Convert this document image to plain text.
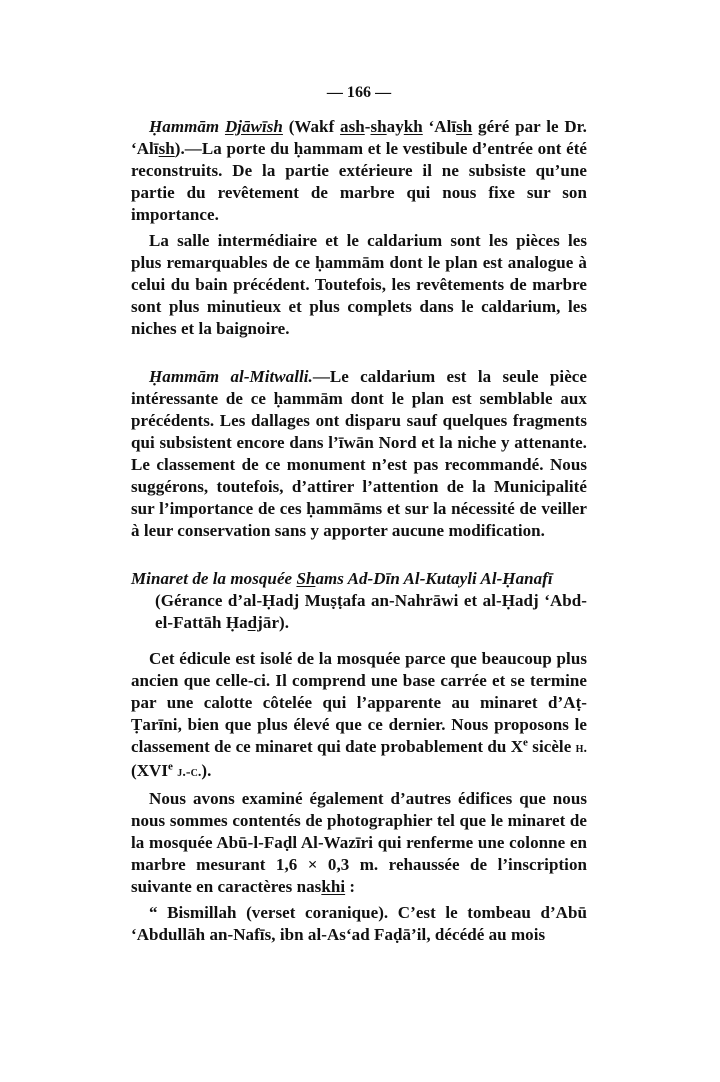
— 166 —

Ḥammām Djāwīsh (Wakf ash-shaykh ‘Alīsh géré par le Dr. ‘Alīsh).—La porte du ḥammam et le vestibule d’entrée ont été reconstruits. De la partie extérieure il ne subsiste qu’une partie du revêtement de marbre qui nous fixe sur son importance.

La salle intermédiaire et le caldarium sont les pièces les plus remarquables de ce ḥammām dont le plan est analogue à celui du bain précédent. Toutefois, les revêtements de marbre sont plus minutieux et plus complets dans le caldarium, les niches et la baignoire.

Ḥammām al-Mitwalli.—Le caldarium est la seule pièce intéressante de ce ḥammām dont le plan est semblable aux précédents. Les dallages ont disparu sauf quelques fragments qui subsistent encore dans l’īwān Nord et la niche y attenante. Le classement de ce monument n’est pas recommandé. Nous suggérons, toutefois, d’attirer l’attention de la Municipalité sur l’importance de ces ḥammāms et sur la nécessité de veiller à leur conservation sans y apporter aucune modification.

Minaret de la mosquée Shams Ad-Dīn Al-Kutayli Al-Ḥanafī

(Gérance d’al-Ḥadj Muṣṭafa an-Nahrāwi et al-Ḥadj ‘Abd-el-Fattāh Ḥadjār).

Cet édicule est isolé de la mosquée parce que beaucoup plus ancien que celle-ci. Il comprend une base carrée et se termine par une calotte côtelée qui l’apparente au minaret d’Aṭ-Ṭarīni, bien que plus élevé que ce dernier. Nous proposons le classement de ce minaret qui date probablement du Xe sicèle h. (XVIe j.-c.).

Nous avons examiné également d’autres édifices que nous nous sommes contentés de photographier tel que le minaret de la mosquée Abū-l-Faḍl Al-Wazīri qui renferme une colonne en marbre mesurant 1,6 × 0,3 m. rehaussée de l’inscription suivante en caractères naskhi :

“ Bismillah (verset coranique). C’est le tombeau d’Abū ‘Abdullāh an-Nafīs, ibn al-As‘ad Faḍā’il, décédé au mois
